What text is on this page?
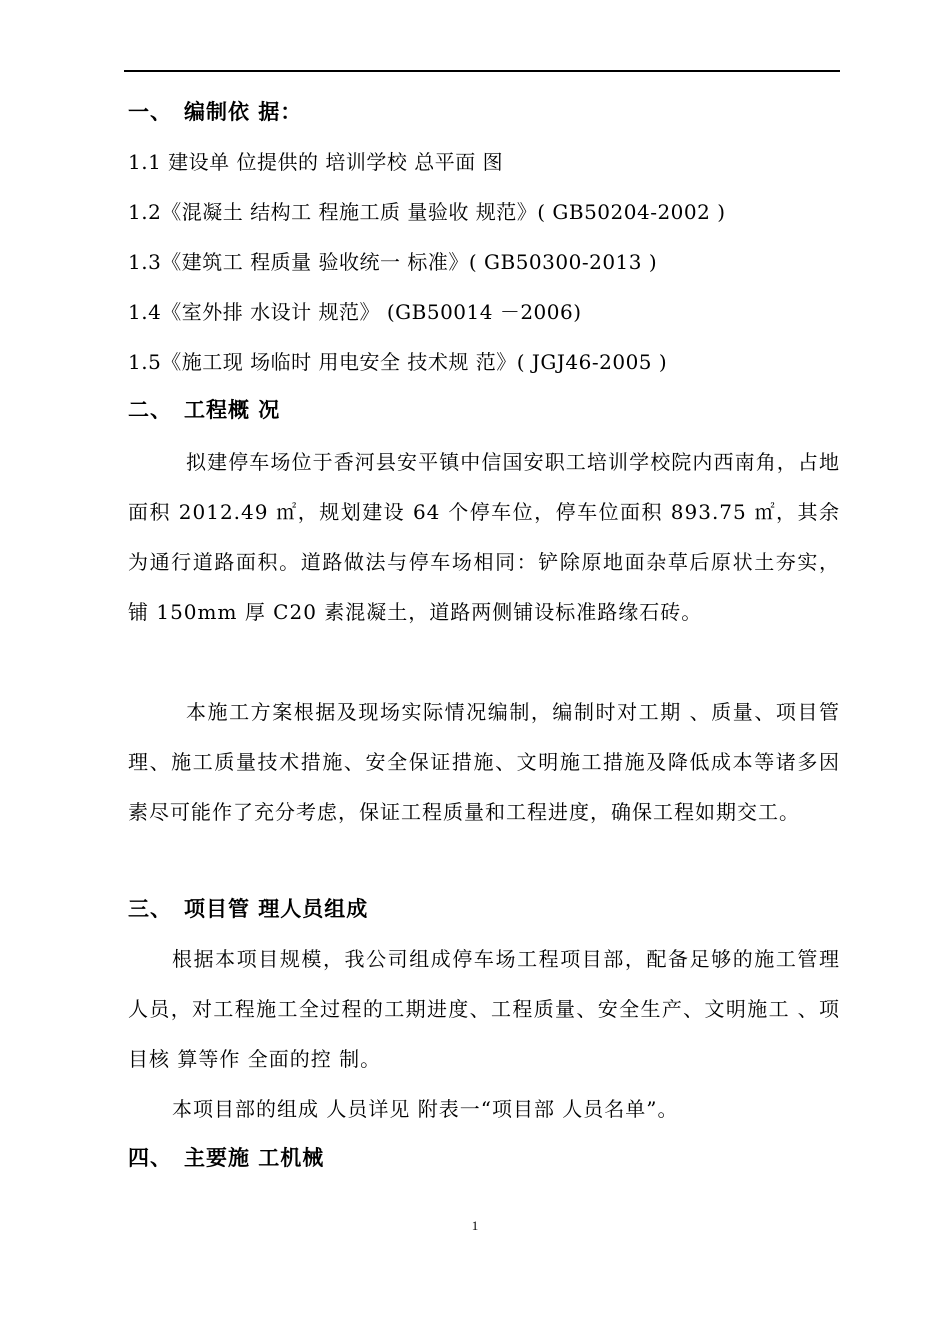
一、 编制依 据：
1.1 建设单 位提供的 培训学校 总平面 图
1.2《混凝土 结构工 程施工质 量验收 规范》( GB50204-2002 )
1.3《建筑工 程质量 验收统一 标准》( GB50300-2013 )
1.4《室外排 水设计 规范》 (GB50014 －2006)
1.5《施工现 场临时 用电安全 技术规 范》( JGJ46-2005 )
二、 工程概 况
拟建停车场位于香河县安平镇中信国安职工培训学校院内西南角，占地面积 2012.49 ㎡，规划建设 64 个停车位，停车位面积 893.75 ㎡，其余为通行道路面积。道路做法与停车场相同：铲除原地面杂草后原状土夯实，铺 150mm 厚 C20 素混凝土，道路两侧铺设标准路缘石砖。
本施工方案根据及现场实际情况编制，编制时对工期 、质量、项目管理、施工质量技术措施、安全保证措施、文明施工措施及降低成本等诸多因素尽可能作了充分考虑，保证工程质量和工程进度，确保工程如期交工。
三、 项目管 理人员组成
根据本项目规模，我公司组成停车场工程项目部，配备足够的施工管理人员，对工程施工全过程的工期进度、工程质量、安全生产、文明施工 、项目核 算等作 全面的控 制。
本项目部的组成 人员详见 附表一“项目部 人员名单”。
四、 主要施 工机械
1
